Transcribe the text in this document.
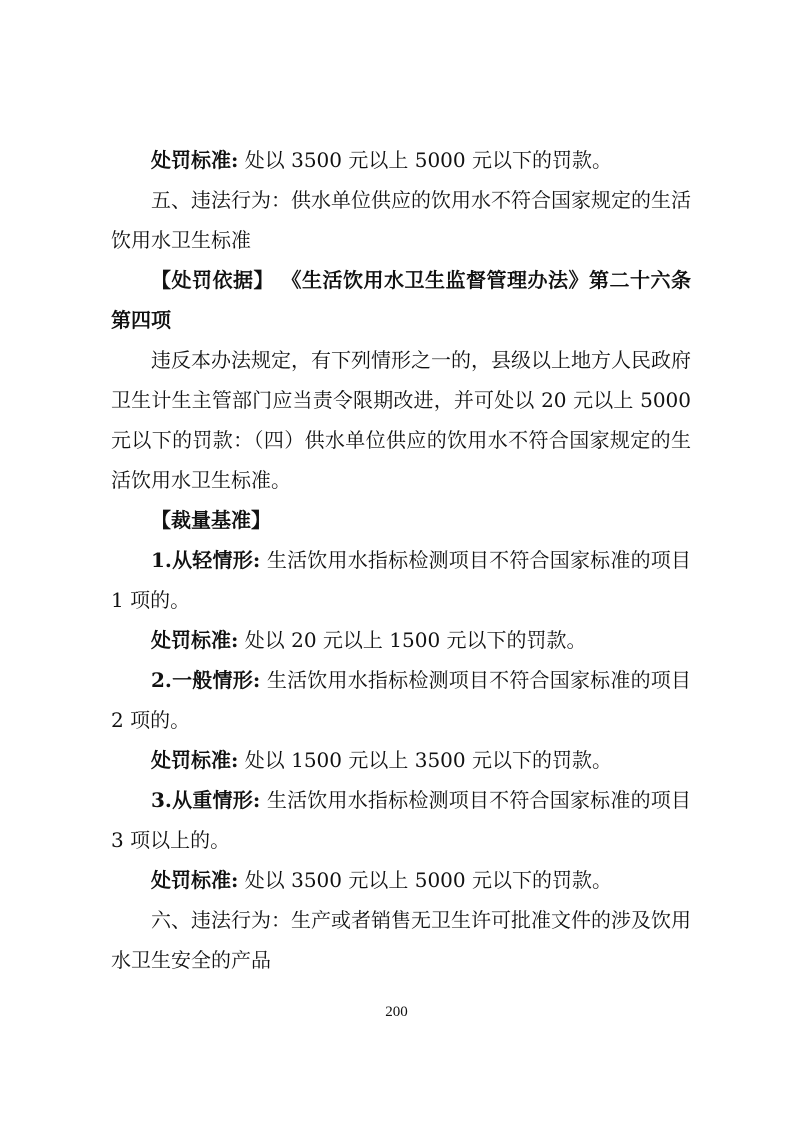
处罚标准: 处以 3500 元以上 5000 元以下的罚款。

五、违法行为：供水单位供应的饮用水不符合国家规定的生活饮用水卫生标准

【处罚依据】 《生活饮用水卫生监督管理办法》第二十六条第四项

违反本办法规定，有下列情形之一的，县级以上地方人民政府卫生计生主管部门应当责令限期改进，并可处以 20 元以上 5000 元以下的罚款：（四）供水单位供应的饮用水不符合国家规定的生活饮用水卫生标准。

【裁量基准】

1.从轻情形: 生活饮用水指标检测项目不符合国家标准的项目 1 项的。

处罚标准: 处以 20 元以上 1500 元以下的罚款。

2.一般情形: 生活饮用水指标检测项目不符合国家标准的项目 2 项的。

处罚标准: 处以 1500 元以上 3500 元以下的罚款。

3.从重情形: 生活饮用水指标检测项目不符合国家标准的项目 3 项以上的。

处罚标准: 处以 3500 元以上 5000 元以下的罚款。

六、违法行为：生产或者销售无卫生许可批准文件的涉及饮用水卫生安全的产品

200
